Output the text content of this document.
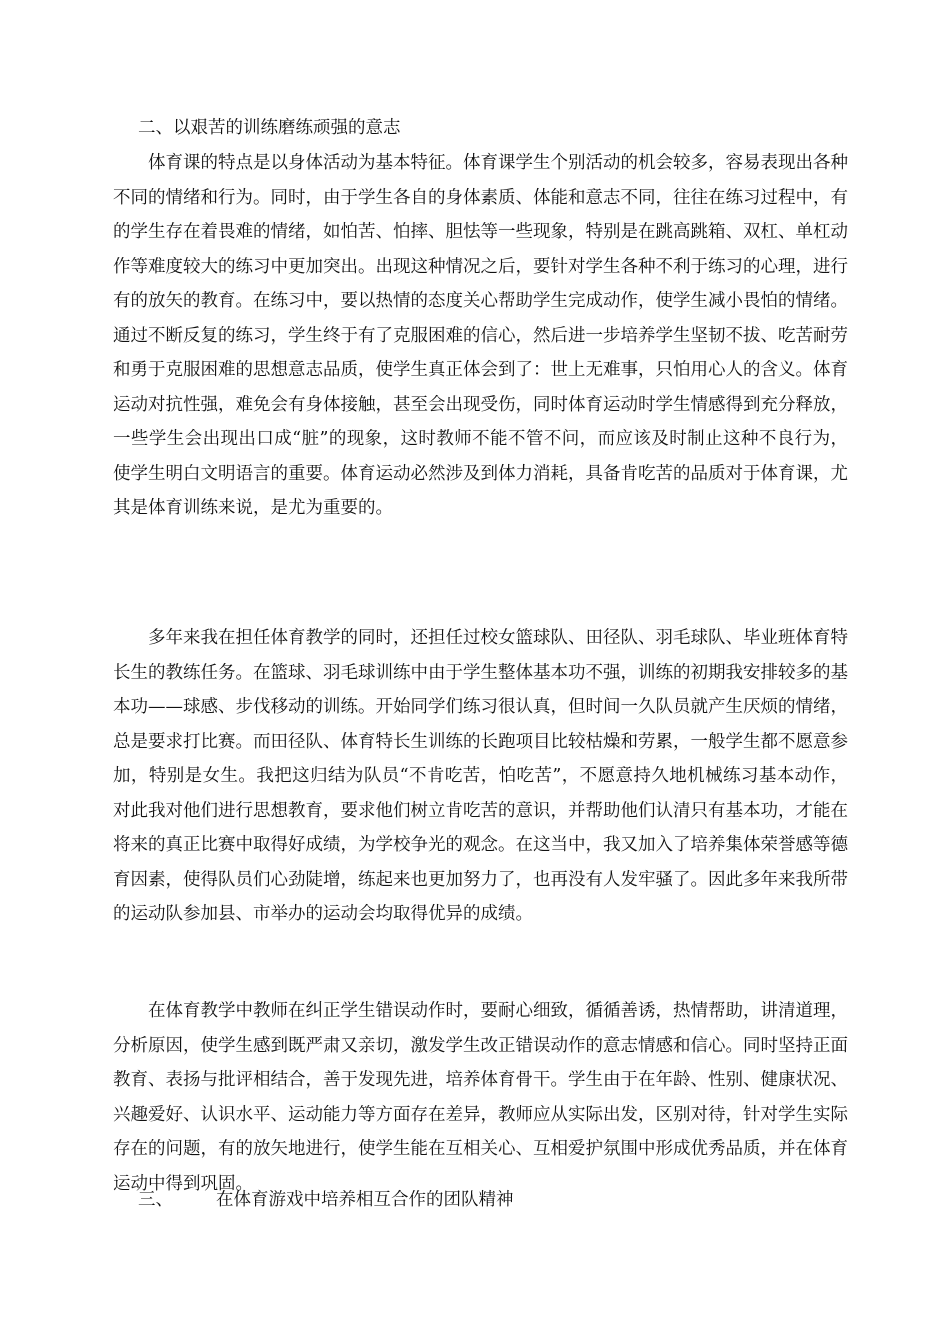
二、以艰苦的训练磨练顽强的意志

体育课的特点是以身体活动为基本特征。体育课学生个别活动的机会较多，容易表现出各种不同的情绪和行为。同时，由于学生各自的身体素质、体能和意志不同，往往在练习过程中，有的学生存在着畏难的情绪，如怕苦、怕摔、胆怯等一些现象，特别是在跳高跳箱、双杠、单杠动作等难度较大的练习中更加突出。出现这种情况之后，要针对学生各种不利于练习的心理，进行有的放矢的教育。在练习中，要以热情的态度关心帮助学生完成动作，使学生减小畏怕的情绪。通过不断反复的练习，学生终于有了克服困难的信心，然后进一步培养学生坚韧不拔、吃苦耐劳和勇于克服困难的思想意志品质，使学生真正体会到了：世上无难事，只怕用心人的含义。体育运动对抗性强，难免会有身体接触，甚至会出现受伤，同时体育运动时学生情感得到充分释放，一些学生会出现出口成“脏”的现象，这时教师不能不管不问，而应该及时制止这种不良行为，使学生明白文明语言的重要。体育运动必然涉及到体力消耗，具备肯吃苦的品质对于体育课，尤其是体育训练来说，是尤为重要的。

多年来我在担任体育教学的同时，还担任过校女篮球队、田径队、羽毛球队、毕业班体育特长生的教练任务。在篮球、羽毛球训练中由于学生整体基本功不强，训练的初期我安排较多的基本功——球感、步伐移动的训练。开始同学们练习很认真，但时间一久队员就产生厌烦的情绪，总是要求打比赛。而田径队、体育特长生训练的长跑项目比较枯燥和劳累，一般学生都不愿意参加，特别是女生。我把这归结为队员“不肯吃苦，怕吃苦”，不愿意持久地机械练习基本动作，对此我对他们进行思想教育，要求他们树立肯吃苦的意识，并帮助他们认清只有基本功，才能在将来的真正比赛中取得好成绩，为学校争光的观念。在这当中，我又加入了培养集体荣誉感等德育因素，使得队员们心劲陡增，练起来也更加努力了，也再没有人发牢骚了。因此多年来我所带的运动队参加县、市举办的运动会均取得优异的成绩。

在体育教学中教师在纠正学生错误动作时，要耐心细致，循循善诱，热情帮助，讲清道理，分析原因，使学生感到既严肃又亲切，激发学生改正错误动作的意志情感和信心。同时坚持正面教育、表扬与批评相结合，善于发现先进，培养体育骨干。学生由于在年龄、性别、健康状况、兴趣爱好、认识水平、运动能力等方面存在差异，教师应从实际出发，区别对待，针对学生实际存在的问题，有的放矢地进行，使学生能在互相关心、互相爱护氛围中形成优秀品质，并在体育运动中得到巩固。

三、 在体育游戏中培养相互合作的团队精神
